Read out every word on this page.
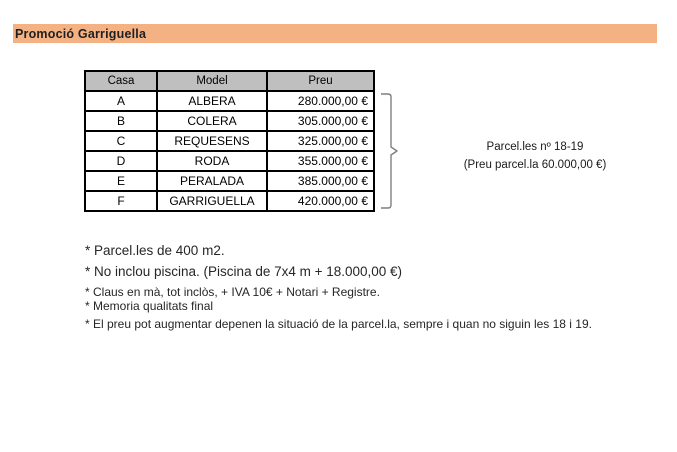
Promoció Garriguella
Casa	Model	Preu
A	ALBERA	280.000,00 €
B	COLERA	305.000,00 €
C	REQUESENS	325.000,00 €
D	RODA	355.000,00 €
E	PERALADA	385.000,00 €
F	GARRIGUELLA	420.000,00 €
Parcel.les nº 18-19
(Preu parcel.la 60.000,00 €)
* Parcel.les de 400 m2.
* No inclou piscina. (Piscina de 7x4 m + 18.000,00 €)
* Claus en mà, tot inclòs, + IVA 10€ + Notari + Registre.
* Memoria qualitats final
* El preu pot augmentar depenen la situació de la parcel.la, sempre i quan no siguin les 18 i 19.
